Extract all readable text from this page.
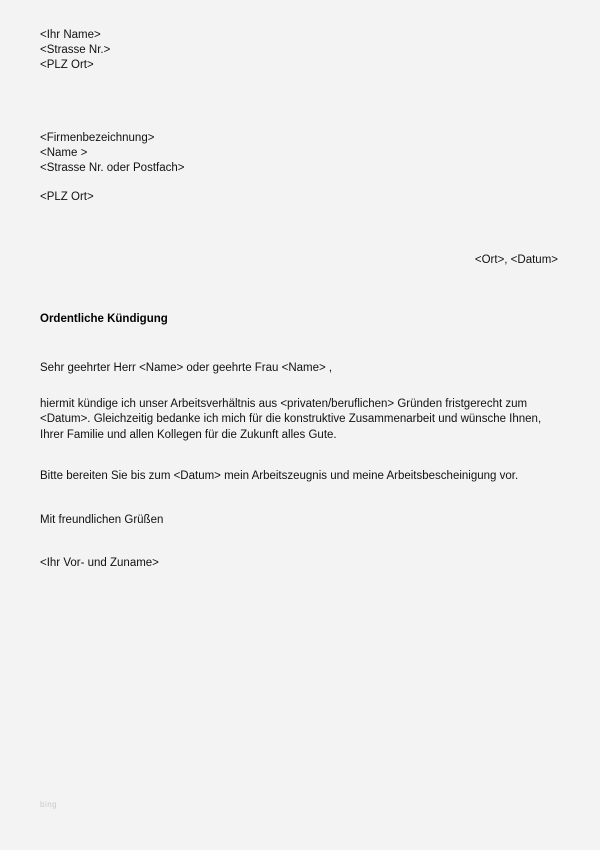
<Ihr Name>
<Strasse Nr.>
<PLZ Ort>
<Firmenbezeichnung>
<Name >
<Strasse Nr. oder Postfach>
<PLZ Ort>
<Ort>, <Datum>
Ordentliche Kündigung
Sehr geehrter Herr <Name> oder geehrte Frau <Name> ,
hiermit kündige ich unser Arbeitsverhältnis aus <privaten/beruflichen> Gründen fristgerecht zum <Datum>. Gleichzeitig bedanke ich mich für die konstruktive Zusammenarbeit und wünsche Ihnen, Ihrer Familie und allen Kollegen für die Zukunft alles Gute.
Bitte bereiten Sie bis zum <Datum> mein Arbeitszeugnis und meine Arbeitsbescheinigung vor.
Mit freundlichen Grüßen
<Ihr Vor- und Zuname>
bing
